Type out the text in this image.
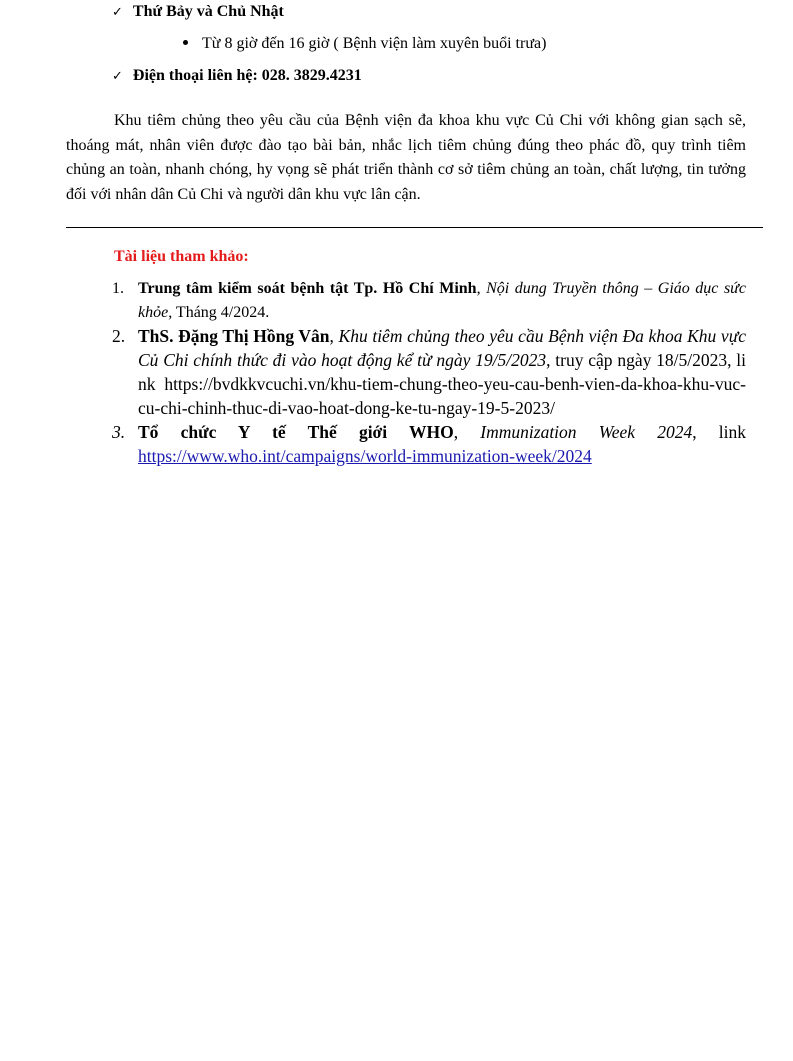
✓ Thứ Bảy và Chủ Nhật
Từ 8 giờ đến 16 giờ ( Bệnh viện làm xuyên buổi trưa)
✓ Điện thoại liên hệ: 028. 3829.4231
Khu tiêm chủng theo yêu cầu của Bệnh viện đa khoa khu vực Củ Chi với không gian sạch sẽ, thoáng mát, nhân viên được đào tạo bài bản, nhắc lịch tiêm chủng đúng theo phác đồ, quy trình tiêm chủng an toàn, nhanh chóng, hy vọng sẽ phát triển thành cơ sở tiêm chủng an toàn, chất lượng, tin tưởng đối với nhân dân Củ Chi và người dân khu vực lân cận.
Tài liệu tham khảo:
1. Trung tâm kiểm soát bệnh tật Tp. Hồ Chí Minh, Nội dung Truyền thông – Giáo dục sức khỏe, Tháng 4/2024.
2. ThS. Đặng Thị Hồng Vân, Khu tiêm chủng theo yêu cầu Bệnh viện Đa khoa Khu vực Củ Chi chính thức đi vào hoạt động kể từ ngày 19/5/2023, truy cập ngày 18/5/2023, link https://bvdkkvcuchi.vn/khu-tiem-chung-theo-yeu-cau-benh-vien-da-khoa-khu-vuc-cu-chi-chinh-thuc-di-vao-hoat-dong-ke-tu-ngay-19-5-2023/
3. Tổ chức Y tế Thế giới WHO, Immunization Week 2024, link https://www.who.int/campaigns/world-immunization-week/2024
